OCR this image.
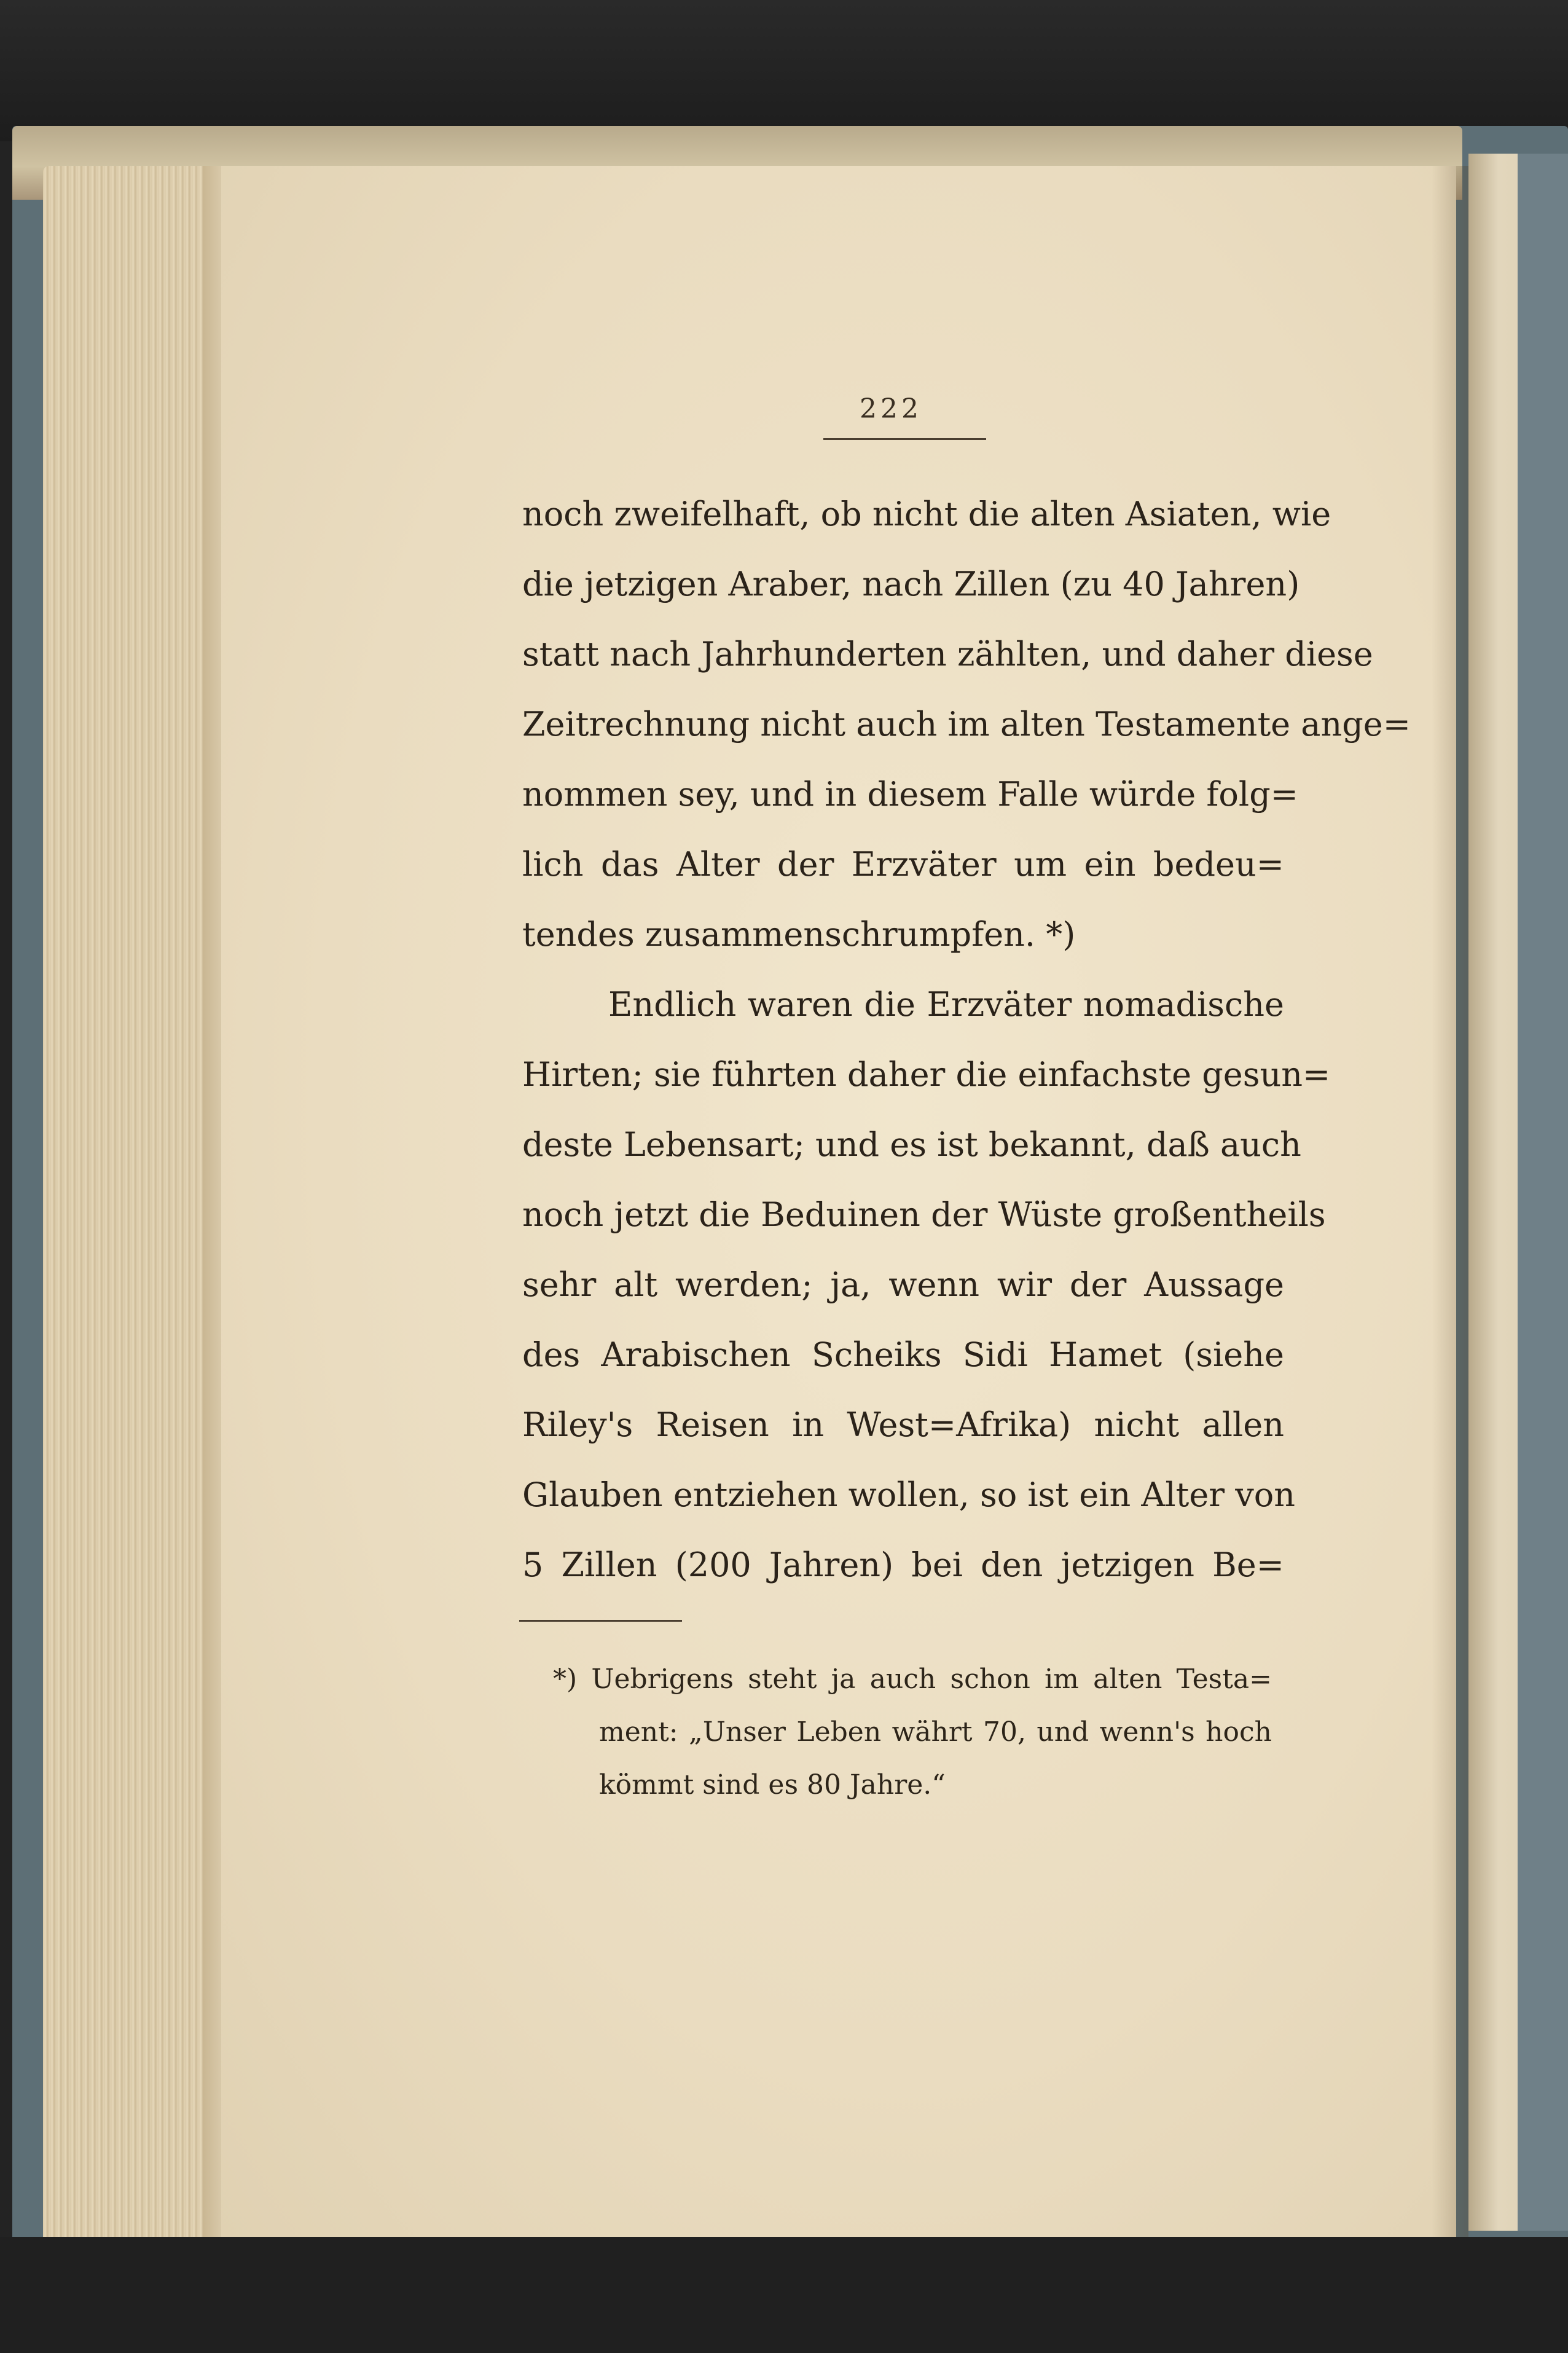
222
noch zweifelhaft, ob nicht die alten Asiaten, wie
die jetzigen Araber, nach Zillen (zu 40 Jahren)
statt nach Jahrhunderten zählten, und daher diese
Zeitrechnung nicht auch im alten Testamente ange=
nommen sey, und in diesem Falle würde folg=
lich das Alter der Erzväter um ein bedeu=
tendes zusammenschrumpfen. *)
Endlich waren die Erzväter nomadische
Hirten; sie führten daher die einfachste gesun=
deste Lebensart; und es ist bekannt, daß auch
noch jetzt die Beduinen der Wüste großentheils
sehr alt werden; ja, wenn wir der Aussage
des Arabischen Scheiks Sidi Hamet (siehe
Riley's Reisen in West=Afrika) nicht allen
Glauben entziehen wollen, so ist ein Alter von
5 Zillen (200 Jahren) bei den jetzigen Be=
*) Uebrigens steht ja auch schon im alten Testa=
ment: „Unser Leben währt 70, und wenn's hoch
kömmt sind es 80 Jahre.“
